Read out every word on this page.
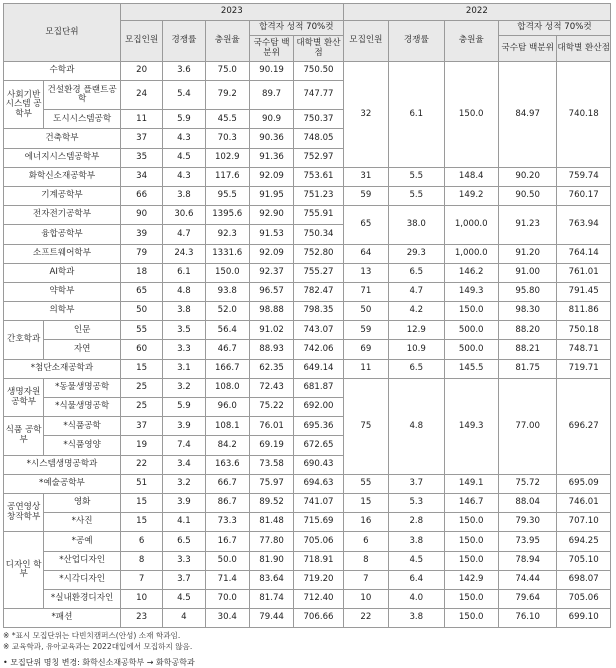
모집단위		2023					2022				
		모집인원	경쟁률	충원율	합격자 성적 70%컷		모집인원	경쟁률	충원율	합격자 성적 70%컷	
					국수탐 백분위	대학별 환산점				국수탐 백분위	대학별 환산점
수학과		20	3.6	75.0	90.19	750.50	32	6.1	150.0	84.97	740.18
사회기반 시스템 공학부	건설환경 플랜트공학	24	5.4	79.2	89.7	747.77					
	도시시스템공학	11	5.9	45.5	90.9	750.37					
건축학부		37	4.3	70.3	90.36	748.05					
에너지시스템공학부		35	4.5	102.9	91.36	752.97					
화학신소재공학부		34	4.3	117.6	92.09	753.61	31	5.5	148.4	90.20	759.74
기계공학부		66	3.8	95.5	91.95	751.23	59	5.5	149.2	90.50	760.17
전자전기공학부		90	30.6	1395.6	92.90	755.91	65	38.0	1,000.0	91.23	763.94
융합공학부		39	4.7	92.3	91.53	750.34					
소프트웨어학부		79	24.3	1331.6	92.09	752.80	64	29.3	1,000.0	91.20	764.14
AI학과		18	6.1	150.0	92.37	755.27	13	6.5	146.2	91.00	761.01
약학부		65	4.8	93.8	96.57	782.47	71	4.7	149.3	95.80	791.45
의학부		50	3.8	52.0	98.88	798.35	50	4.2	150.0	98.30	811.86
간호학과	인문	55	3.5	56.4	91.02	743.07	59	12.9	500.0	88.20	750.18
	자연	60	3.3	46.7	88.93	742.06	69	10.9	500.0	88.21	748.71
*첨단소재공학과		15	3.1	166.7	62.35	649.14	11	6.5	145.5	81.75	719.71
생명자원 공학부	*동물생명공학	25	3.2	108.0	72.43	681.87	75	4.8	149.3	77.00	696.27
	*식물생명공학	25	5.9	96.0	75.22	692.00					
식품 공학부	*식품공학	37	3.9	108.1	76.01	695.36					
	*식품영양	19	7.4	84.2	69.19	672.65					
*시스템생명공학과		22	3.4	163.6	73.58	690.43					
*예술공학부		51	3.2	66.7	75.97	694.63	55	3.7	149.1	75.72	695.09
공연영상 창작학부	영화	15	3.9	86.7	89.52	741.07	15	5.3	146.7	88.04	746.01
	*사진	15	4.1	73.3	81.48	715.69	16	2.8	150.0	79.30	707.10
디자인 학부	*공예	6	6.5	16.7	77.80	705.06	6	3.8	150.0	73.95	694.25
	*산업디자인	8	3.3	50.0	81.90	718.91	8	4.5	150.0	78.94	705.10
	*시각디자인	7	3.7	71.4	83.64	719.20	7	6.4	142.9	74.44	698.07
	*실내환경디자인	10	4.5	70.0	81.74	712.40	10	4.0	150.0	79.64	705.06
*패션		23	4	30.4	79.44	706.66	22	3.8	150.0	76.10	699.10
※ *표시 모집단위는 다빈치캠퍼스(안성) 소재 학과임.
※ 교육학과, 유아교육과는 2022대입에서 모집하지 않음.
• 모집단위 명칭 변경: 화학신소재공학부 → 화학공학과
